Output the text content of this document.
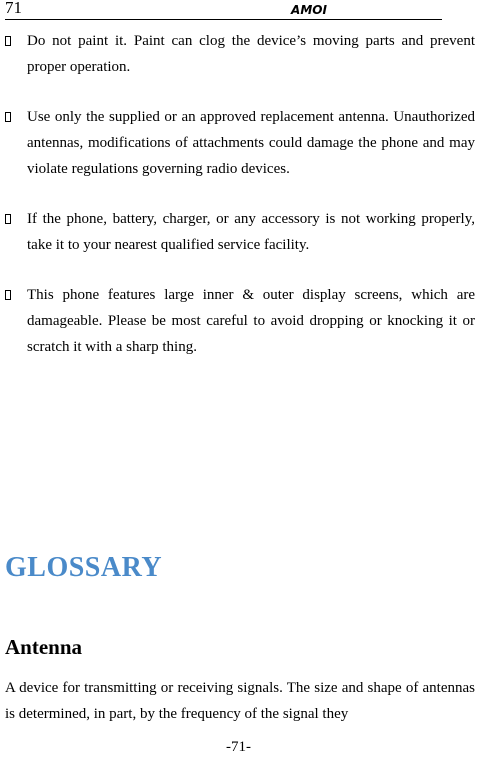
71	AMOI
Do not paint it. Paint can clog the device’s moving parts and prevent proper operation.
Use only the supplied or an approved replacement antenna. Unauthorized antennas, modifications of attachments could damage the phone and may violate regulations governing radio devices.
If the phone, battery, charger, or any accessory is not working properly, take it to your nearest qualified service facility.
This phone features large inner & outer display screens, which are damageable. Please be most careful to avoid dropping or knocking it or scratch it with a sharp thing.
GLOSSARY
Antenna
A device for transmitting or receiving signals. The size and shape of antennas is determined, in part, by the frequency of the signal they
-71-
